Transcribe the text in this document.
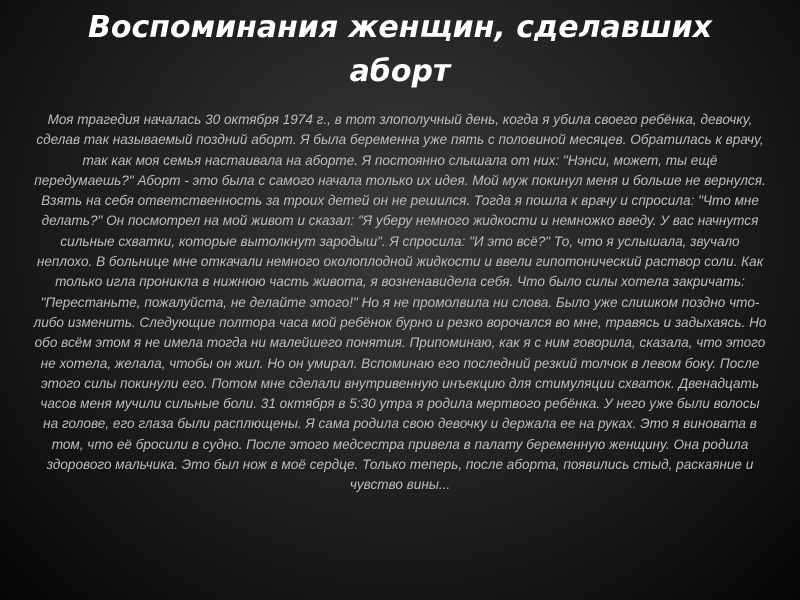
Воспоминания женщин, сделавших аборт

Моя трагедия началась 30 октября 1974 г., в тот злополучный день, когда я убила своего ребёнка, девочку, сделав так называемый поздний аборт. Я была беременна уже пять с половиной месяцев. Обратилась к врачу, так как моя семья настаивала на аборте. Я постоянно слышала от них: "Нэнси, может, ты ещё передумаешь?" Аборт - это была с самого начала только их идея. Мой муж покинул меня и больше не вернулся. Взять на себя ответственность за троих детей он не решился. Тогда я пошла к врачу и спросила: "Что мне делать?" Он посмотрел на мой живот и сказал: "Я уберу немного жидкости и немножко введу. У вас начнутся сильные схватки, которые вытолкнут зародыш". Я спросила: "И это всё?" То, что я услышала, звучало неплохо. В больнице мне откачали немного околоплодной жидкости и ввели гипотонический раствор соли. Как только игла проникла в нижнюю часть живота, я возненавидела себя. Что было силы хотела закричать: "Перестаньте, пожалуйста, не делайте этого!" Но я не промолвила ни слова. Было уже слишком поздно что-либо изменить. Следующие полтора часа мой ребёнок бурно и резко ворочался во мне, травясь и задыхаясь. Но обо всём этом я не имела тогда ни малейшего понятия. Припоминаю, как я с ним говорила, сказала, что этого не хотела, желала, чтобы он жил. Но он умирал. Вспоминаю его последний резкий толчок в левом боку. После этого силы покинули его. Потом мне сделали внутривенную инъекцию для стимуляции схваток. Двенадцать часов меня мучили сильные боли. 31 октября в 5:30 утра я родила мертвого ребёнка. У него уже были волосы на голове, его глаза были расплющены. Я сама родила свою девочку и держала ее на руках. Это я виновата в том, что её бросили в судно. После этого медсестра привела в палату беременную женщину. Она родила здорового мальчика. Это был нож в моё сердце. Только теперь, после аборта, появились стыд, раскаяние и чувство вины...
